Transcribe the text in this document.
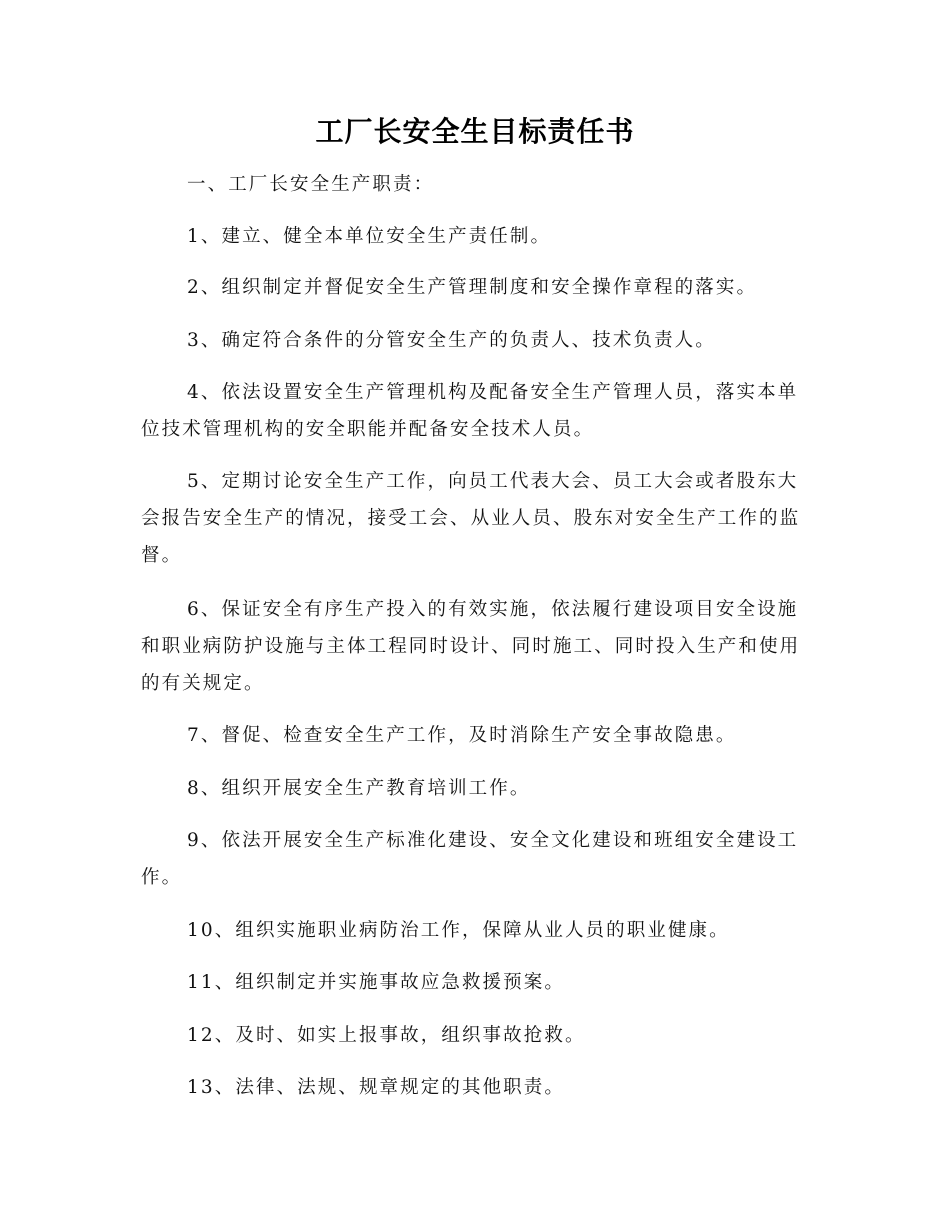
工厂长安全生目标责任书

一、工厂长安全生产职责：

1、建立、健全本单位安全生产责任制。

2、组织制定并督促安全生产管理制度和安全操作章程的落实。

3、确定符合条件的分管安全生产的负责人、技术负责人。

4、依法设置安全生产管理机构及配备安全生产管理人员，落实本单位技术管理机构的安全职能并配备安全技术人员。

5、定期讨论安全生产工作，向员工代表大会、员工大会或者股东大会报告安全生产的情况，接受工会、从业人员、股东对安全生产工作的监督。

6、保证安全有序生产投入的有效实施，依法履行建设项目安全设施和职业病防护设施与主体工程同时设计、同时施工、同时投入生产和使用的有关规定。

7、督促、检查安全生产工作，及时消除生产安全事故隐患。

8、组织开展安全生产教育培训工作。

9、依法开展安全生产标准化建设、安全文化建设和班组安全建设工作。

10、组织实施职业病防治工作，保障从业人员的职业健康。

11、组织制定并实施事故应急救援预案。

12、及时、如实上报事故，组织事故抢救。

13、法律、法规、规章规定的其他职责。
